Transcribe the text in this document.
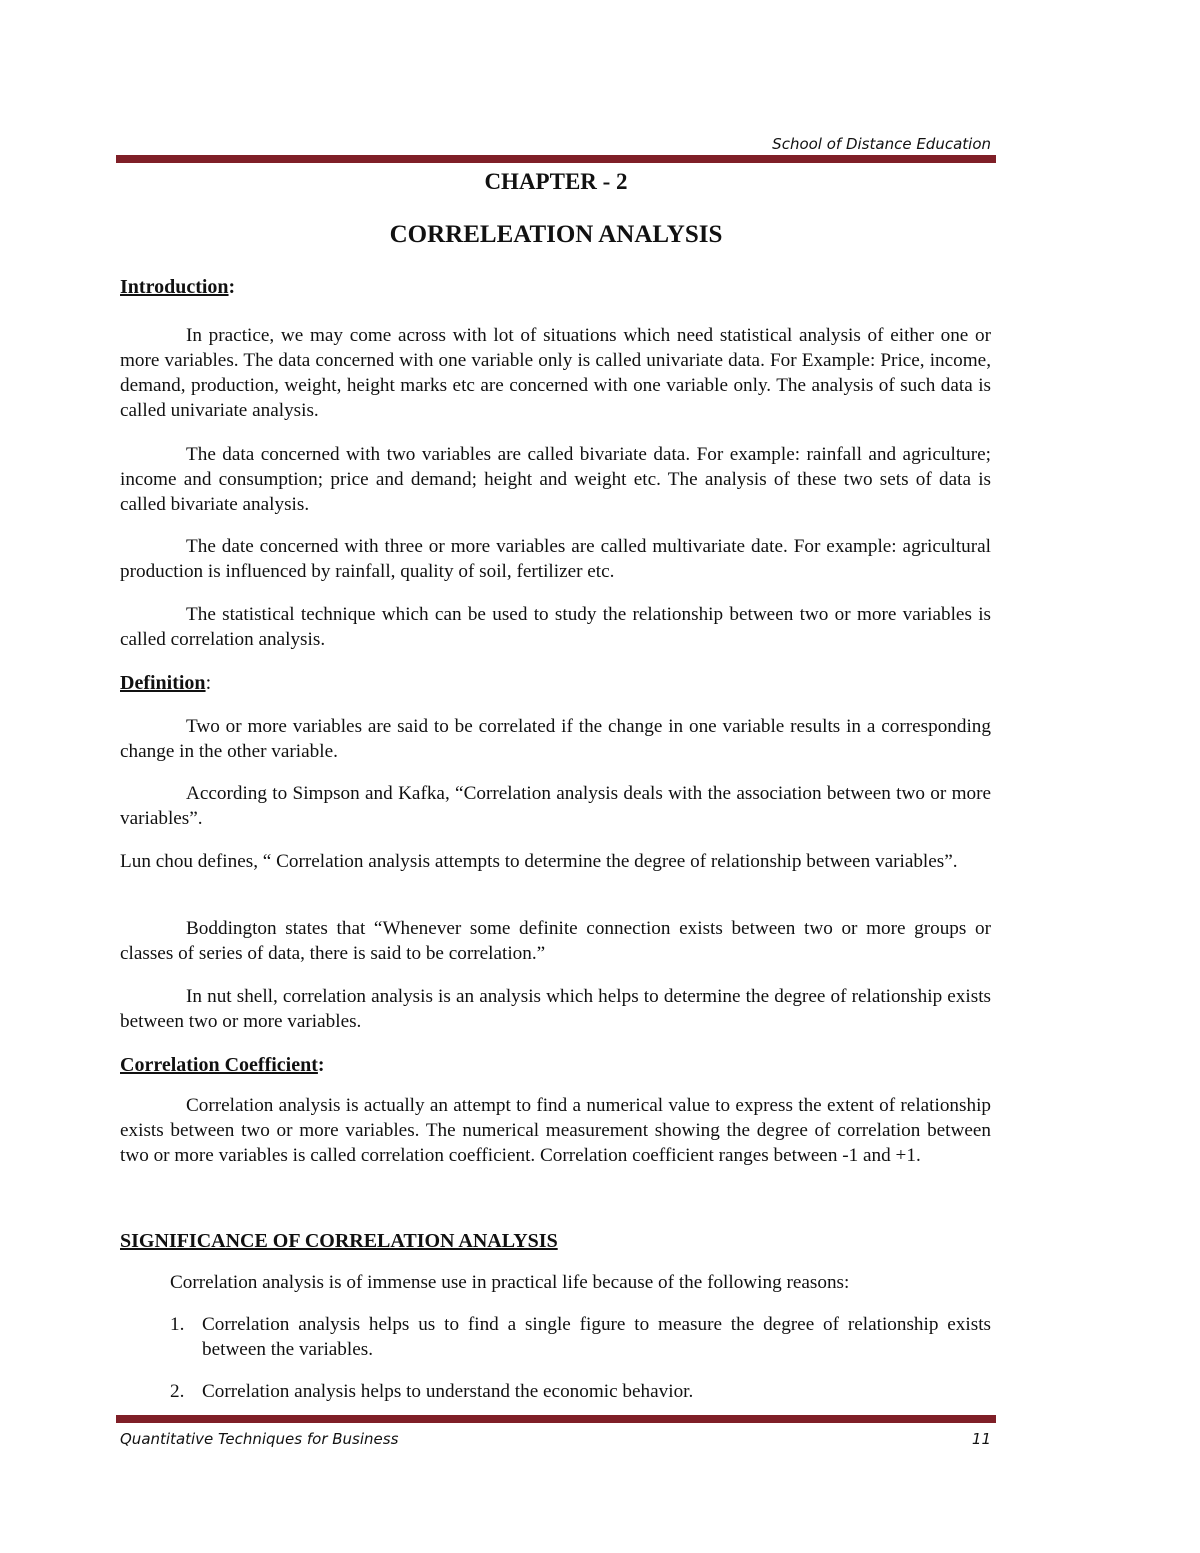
School of Distance Education
CHAPTER - 2
CORRELEATION ANALYSIS
Introduction:

In practice, we may come across with lot of situations which need statistical analysis of either one or more variables. The data concerned with one variable only is called univariate data. For Example: Price, income, demand, production, weight, height marks etc are concerned with one variable only. The analysis of such data is called univariate analysis.

The data concerned with two variables are called bivariate data. For example: rainfall and agriculture; income and consumption; price and demand; height and weight etc. The analysis of these two sets of data is called bivariate analysis.

The date concerned with three or more variables are called multivariate date. For example: agricultural production is influenced by rainfall, quality of soil, fertilizer etc.

The statistical technique which can be used to study the relationship between two or more variables is called correlation analysis.

Definition:

Two or more variables are said to be correlated if the change in one variable results in a corresponding change in the other variable.

According to Simpson and Kafka, “Correlation analysis deals with the association between two or more variables”.

Lun chou defines, “ Correlation analysis attempts to determine the degree of relationship between variables”.

Boddington states that “Whenever some definite connection exists between two or more groups or classes of series of data, there is said to be correlation.”

In nut shell, correlation analysis is an analysis which helps to determine the degree of relationship exists between two or more variables.

Correlation Coefficient:

Correlation analysis is actually an attempt to find a numerical value to express the extent of relationship exists between two or more variables. The numerical measurement showing the degree of correlation between two or more variables is called correlation coefficient. Correlation coefficient ranges between -1 and +1.

SIGNIFICANCE OF CORRELATION ANALYSIS

Correlation analysis is of immense use in practical life because of the following reasons:

1. Correlation analysis helps us to find a single figure to measure the degree of relationship exists between the variables.
2. Correlation analysis helps to understand the economic behavior.
Quantitative Techniques for Business	11
